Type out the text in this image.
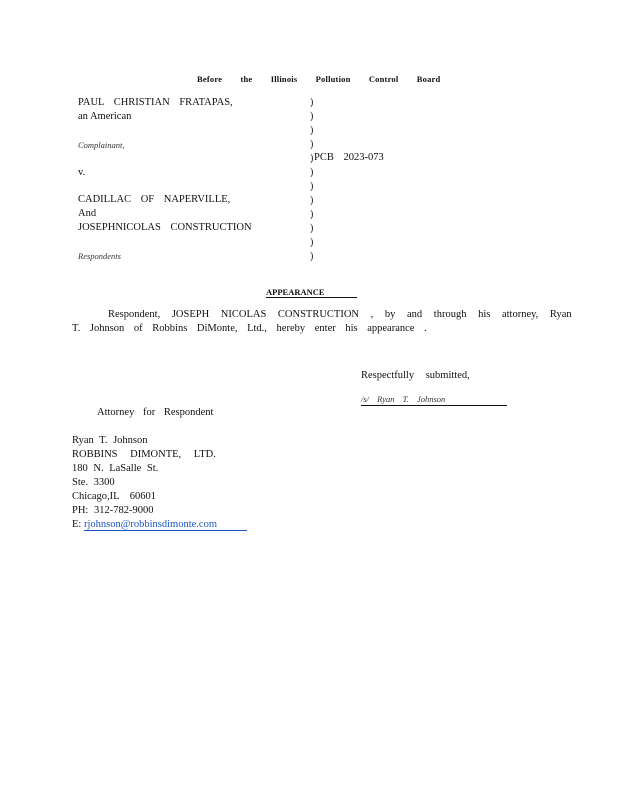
Before the Illinois Pollution Control Board
PAUL CHRISTIAN FRATAPAS,
an American
Complainant,
v.
CADILLAC OF NAPERVILLE,
And
JOSEPHNICOLAS CONSTRUCTION
Respondents
)
)
)
)
)
)
)
)
)
)
)
)
PCB 2023-073
APPEARANCE
Respondent, JOSEPH NICOLAS CONSTRUCTION , by and through his attorney, Ryan
T. Johnson of Robbins DiMonte, Ltd., hereby enter his appearance .
Respectfully submitted,
/s/ Ryan T. Johnson
Attorney for Respondent
Ryan T. Johnson
ROBBINS DIMONTE, LTD.
180 N. LaSalle St.
Ste. 3300
Chicago,IL 60601
PH: 312-782-9000
E: rjohnson@robbinsdimonte.com
